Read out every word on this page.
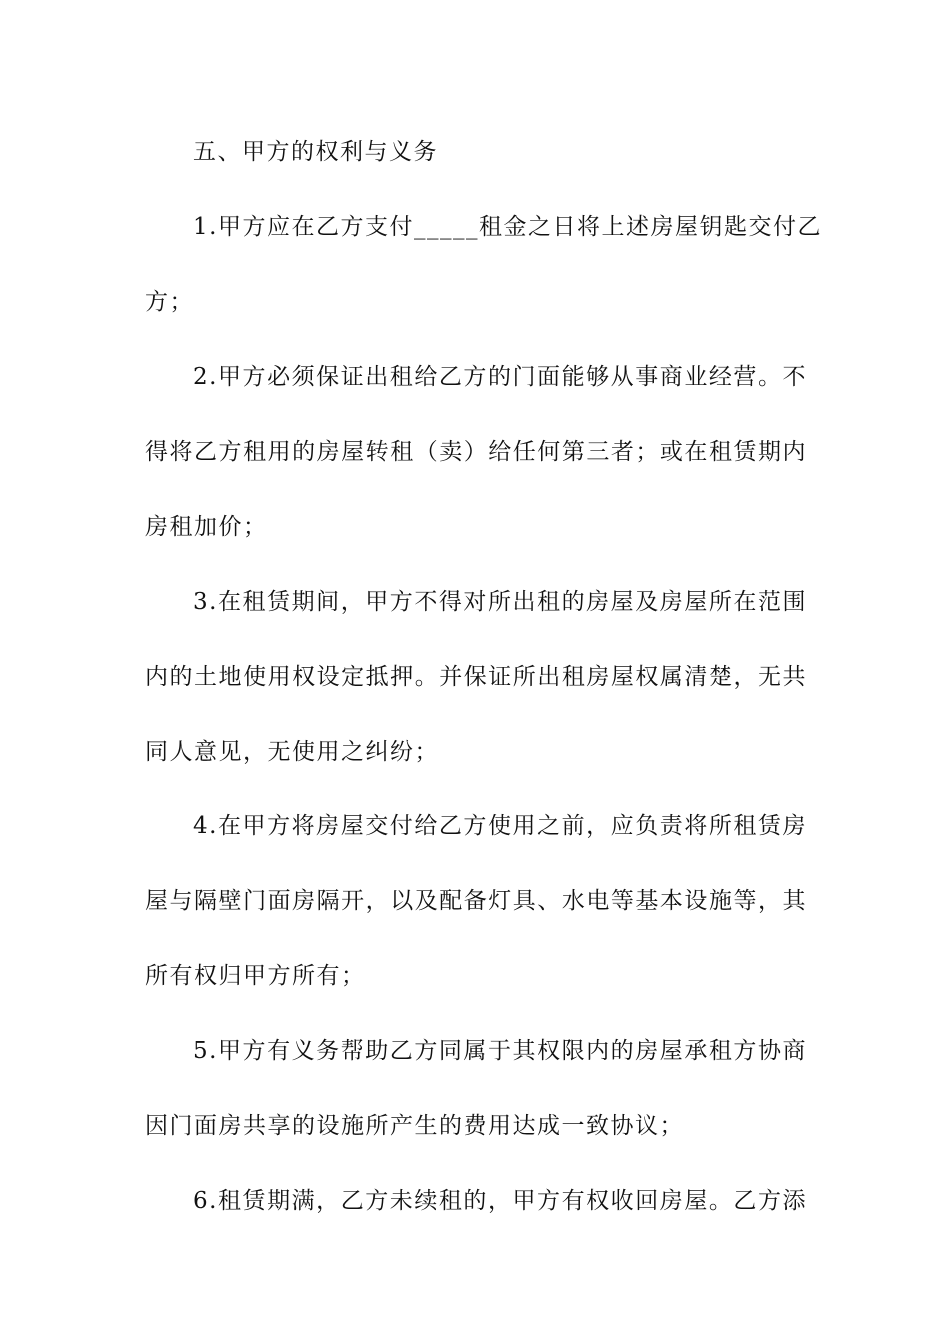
五、甲方的权利与义务
1.甲方应在乙方支付_____租金之日将上述房屋钥匙交付乙
方；
2.甲方必须保证出租给乙方的门面能够从事商业经营。不
得将乙方租用的房屋转租（卖）给任何第三者；或在租赁期内
房租加价；
3.在租赁期间，甲方不得对所出租的房屋及房屋所在范围
内的土地使用权设定抵押。并保证所出租房屋权属清楚，无共
同人意见，无使用之纠纷；
4.在甲方将房屋交付给乙方使用之前，应负责将所租赁房
屋与隔壁门面房隔开，以及配备灯具、水电等基本设施等，其
所有权归甲方所有；
5.甲方有义务帮助乙方同属于其权限内的房屋承租方协商
因门面房共享的设施所产生的费用达成一致协议；
6.租赁期满，乙方未续租的，甲方有权收回房屋。乙方添
